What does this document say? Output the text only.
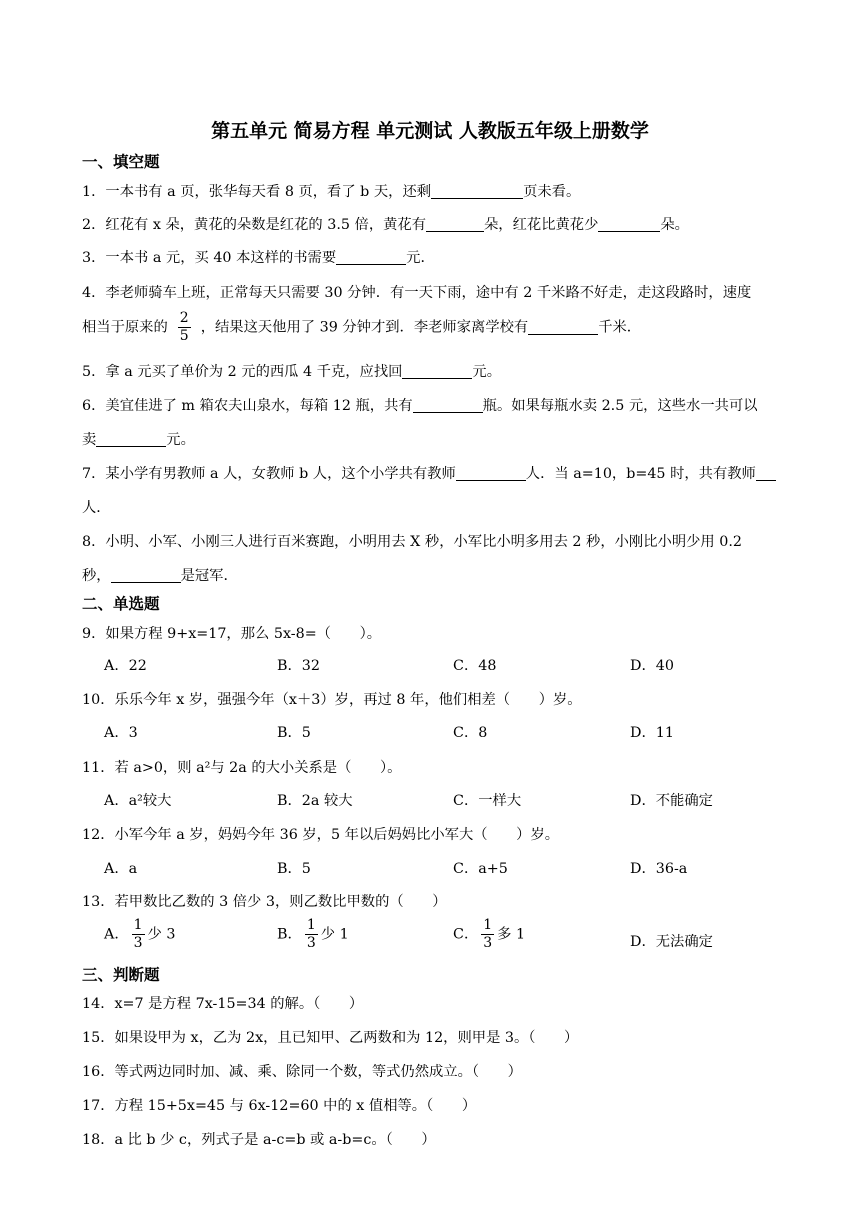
第五单元 简易方程 单元测试 人教版五年级上册数学
一、填空题
1．一本书有 a 页，张华每天看 8 页，看了 b 天，还剩	页未看。
2．红花有 x 朵，黄花的朵数是红花的 3.5 倍，黄花有	朵，红花比黄花少	朵。
3．一本书 a 元，买 40 本这样的书需要	元．
4．李老师骑车上班，正常每天只需要 30 分钟．有一天下雨，途中有 2 千米路不好走，走这段路时，速度
相当于原来的 $\frac{2}{5}$ ，结果这天他用了 39 分钟才到．李老师家离学校有	千米．
5．拿 a 元买了单价为 2 元的西瓜 4 千克，应找回	元。
6．美宜佳进了 m 箱农夫山泉水，每箱 12 瓶，共有	瓶。如果每瓶水卖 2.5 元，这些水一共可以
卖	元。
7．某小学有男教师 a 人，女教师 b 人，这个小学共有教师	人．当 a=10，b=45 时，共有教师
人．
8．小明、小军、小刚三人进行百米赛跑，小明用去 X 秒，小军比小明多用去 2 秒，小刚比小明少用 0.2
秒，	是冠军．
二、单选题
9．如果方程 9+x=17，那么 5x-8=（　　）。
A．22	B．32	C．48	D．40
10．乐乐今年 x 岁，强强今年（x＋3）岁，再过 8 年，他们相差（　　）岁。
A．3	B．5	C．8	D．11
11．若 a>0，则 a²与 2a 的大小关系是（　　）。
A．a²较大	B．2a 较大	C．一样大	D．不能确定
12．小军今年 a 岁，妈妈今年 36 岁，5 年以后妈妈比小军大（　　）岁。
A．a	B．5	C．a+5	D．36-a
13．若甲数比乙数的 3 倍少 3，则乙数比甲数的（　　）
A． $\frac{1}{3}$ 少 3	B． $\frac{1}{3}$ 少 1	C． $\frac{1}{3}$ 多 1	D．无法确定
三、判断题
14．x=7 是方程 7x-15=34 的解。（　　）
15．如果设甲为 x，乙为 2x，且已知甲、乙两数和为 12，则甲是 3。（　　）
16．等式两边同时加、减、乘、除同一个数，等式仍然成立。（　　）
17．方程 15+5x=45 与 6x-12=60 中的 x 值相等。（　　）
18．a 比 b 少 c，列式子是 a-c=b 或 a-b=c。（　　）
